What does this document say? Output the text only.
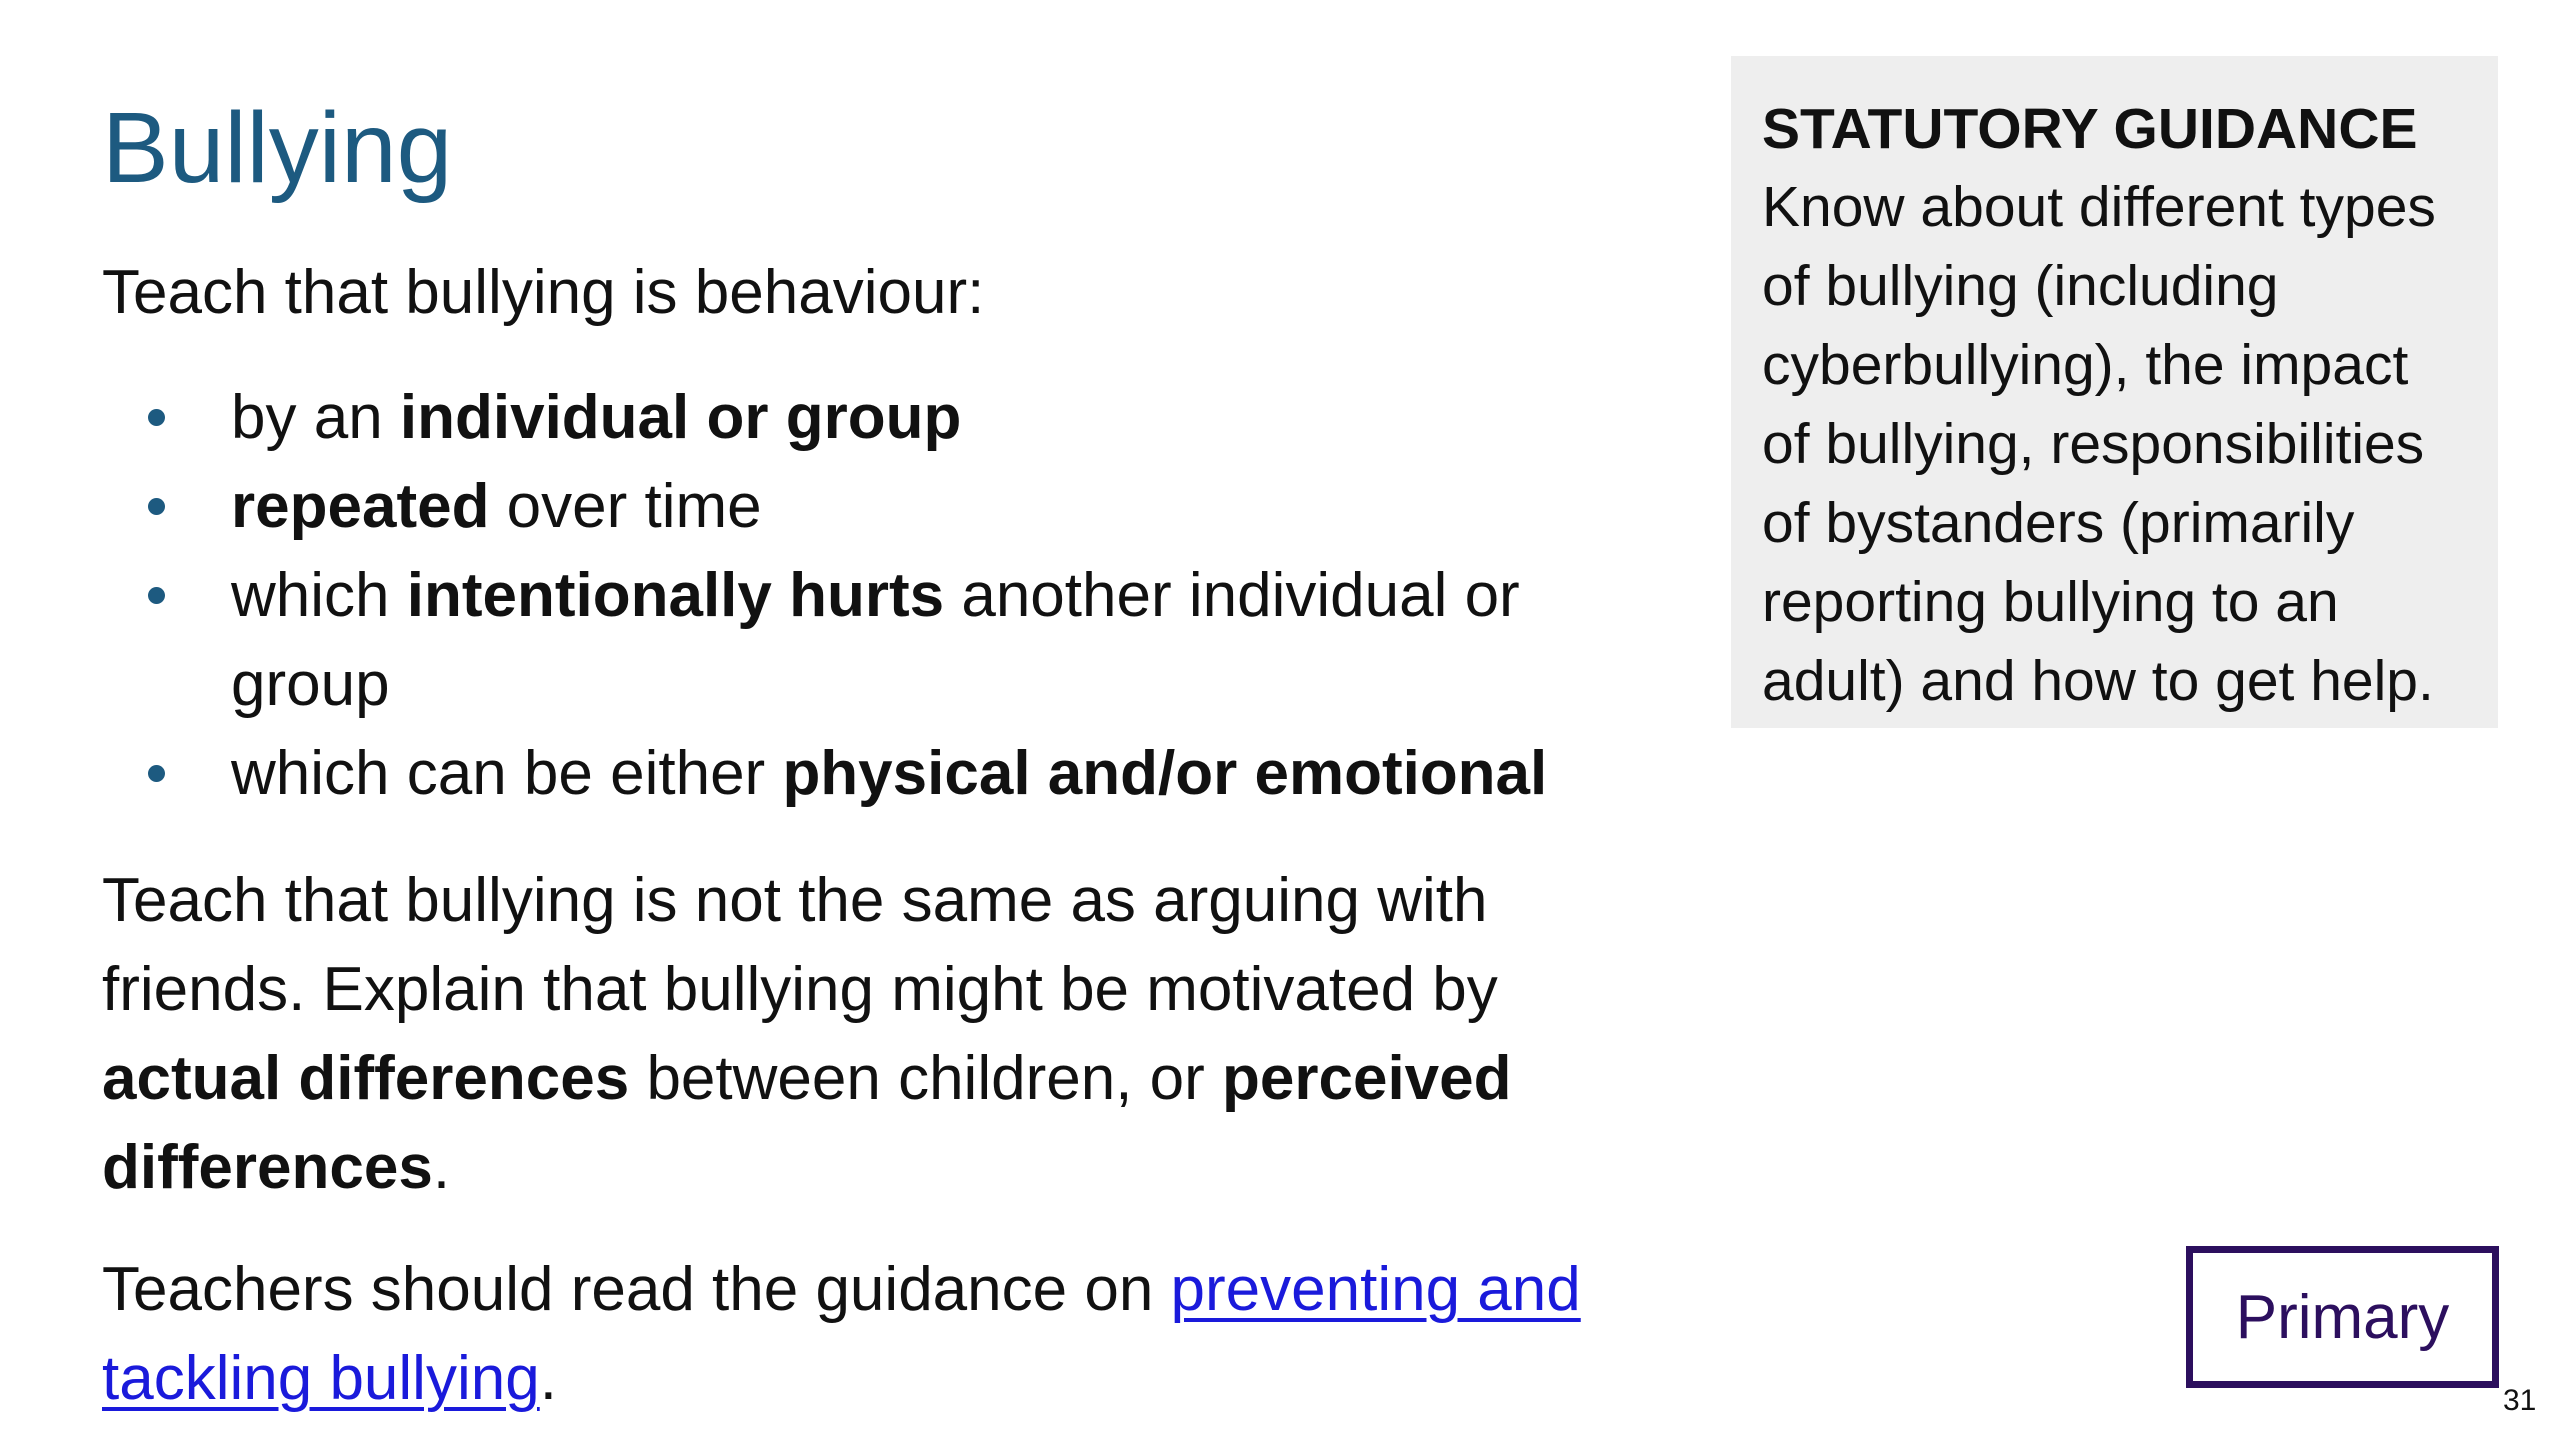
Bullying

Teach that bullying is behaviour:

by an individual or group
repeated over time
which intentionally hurts another individual or group
which can be either physical and/or emotional

Teach that bullying is not the same as arguing with friends. Explain that bullying might be motivated by actual differences between children, or perceived differences.

Teachers should read the guidance on preventing and tackling bullying.

STATUTORY GUIDANCE
Know about different types of bullying (including cyberbullying), the impact of bullying, responsibilities of bystanders (primarily reporting bullying to an adult) and how to get help.
Primary
31
